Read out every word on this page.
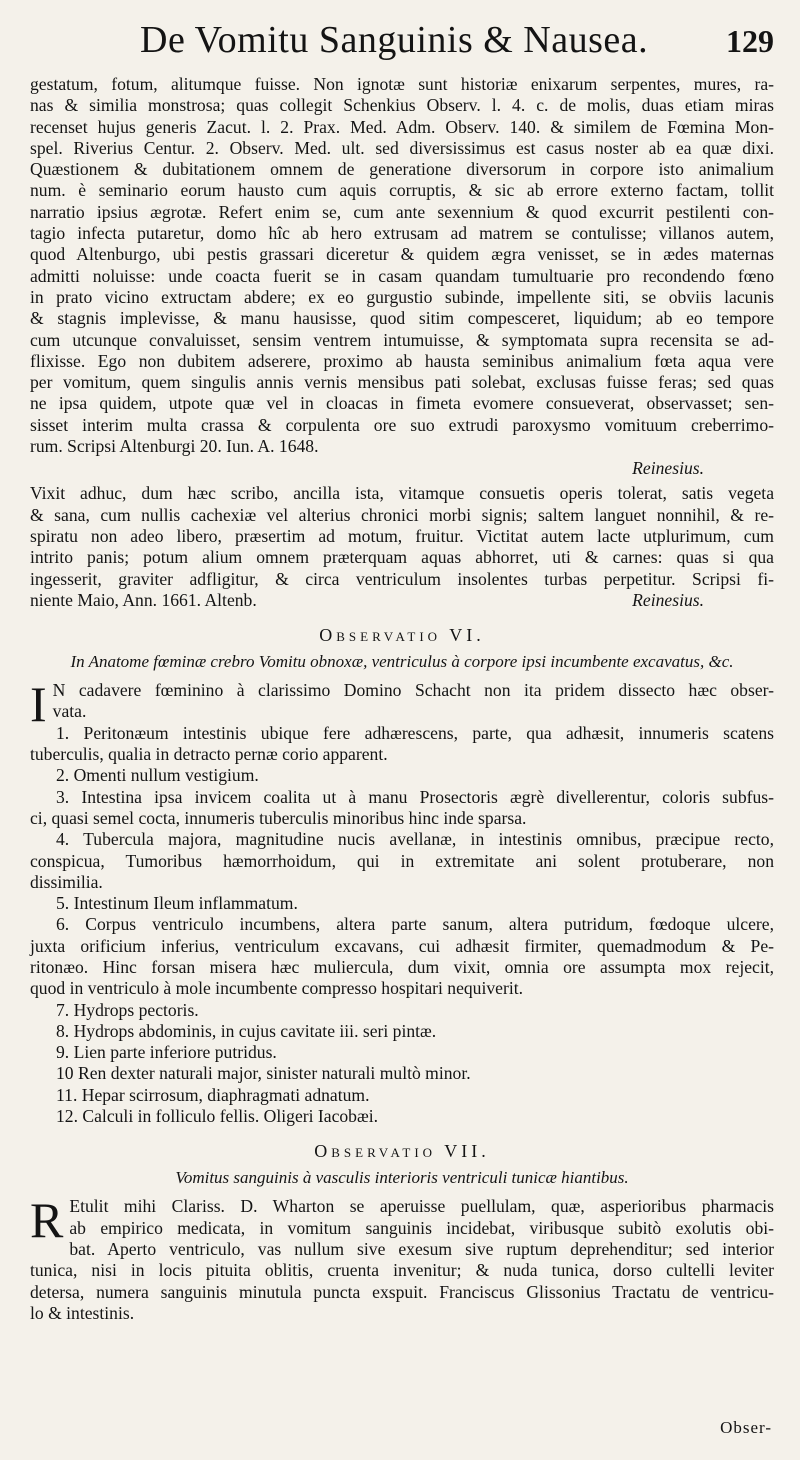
De Vomitu Sanguinis & Nausea. 129
gestatum, fotum, alitumque fuisse. Non ignotæ sunt historiæ enixarum serpentes, mures, ra-
nas & similia monstrosa; quas collegit Schenkius Observ. l. 4. c. de molis, duas etiam miras
recenset hujus generis Zacut. l. 2. Prax. Med. Adm. Observ. 140. & similem de Fœmina Mon-
spel. Riverius Centur. 2. Observ. Med. ult. sed diversissimus est casus noster ab ea quæ dixi.
Quæstionem & dubitationem omnem de generatione diversorum in corpore isto animalium
num. è seminario eorum hausto cum aquis corruptis, & sic ab errore externo factam, tollit
narratio ipsius ægrotæ. Refert enim se, cum ante sexennium & quod excurrit pestilenti con-
tagio infecta putaretur, domo hîc ab hero extrusam ad matrem se contulisse; villanos autem,
quod Altenburgo, ubi pestis grassari diceretur & quidem ægra venisset, se in ædes maternas
admitti noluisse: unde coacta fuerit se in casam quandam tumultuarie pro recondendo fœno
in prato vicino extructam abdere; ex eo gurgustio subinde, impellente siti, se obviis lacunis
& stagnis implevisse, & manu hausisse, quod sitim compesceret, liquidum; ab eo tempore
cum utcunque convaluisset, sensim ventrem intumuisse, & symptomata supra recensita se ad-
flixisse. Ego non dubitem adserere, proximo ab hausta seminibus animalium fœta aqua vere
per vomitum, quem singulis annis vernis mensibus pati solebat, exclusas fuisse feras; sed quas
ne ipsa quidem, utpote quæ vel in cloacas in fimeta evomere consueverat, observasset; sen-
sisset interim multa crassa & corpulenta ore suo extrudi paroxysmo vomituum creberrimo-
rum. Scripsi Altenburgi 20. Iun. A. 1648.
Reinesius.
Vixit adhuc, dum hæc scribo, ancilla ista, vitamque consuetis operis tolerat, satis vegeta
& sana, cum nullis cachexiæ vel alterius chronici morbi signis; saltem languet nonnihil, & re-
spiratu non adeo libero, præsertim ad motum, fruitur. Victitat autem lacte utplurimum, cum
intrito panis; potum alium omnem præterquam aquas abhorret, uti & carnes: quas si qua
ingesserit, graviter adfligitur, & circa ventriculum insolentes turbas perpetitur. Scripsi fi-
niente Maio, Ann. 1661. Altenb.	Reinesius.
Observatio VI.
In Anatome fœminæ crebro Vomitu obnoxæ, ventriculus à corpore ipsi incumbente excavatus, &c.
I N cadavere fœminino à clarissimo Domino Schacht non ita pridem dissecto hæc obser-
vata.
1. Peritonæum intestinis ubique fere adhærescens, parte, qua adhæsit, innumeris scatens
tuberculis, qualia in detracto pernæ corio apparent.
2. Omenti nullum vestigium.
3. Intestina ipsa invicem coalita ut à manu Prosectoris ægrè divellerentur, coloris subfus-
ci, quasi semel cocta, innumeris tuberculis minoribus hinc inde sparsa.
4. Tubercula majora, magnitudine nucis avellanæ, in intestinis omnibus, præcipue recto,
conspicua, Tumoribus hæmorrhoidum, qui in extremitate ani solent protuberare, non
dissimilia.
5. Intestinum Ileum inflammatum.
6. Corpus ventriculo incumbens, altera parte sanum, altera putridum, fœdoque ulcere,
juxta orificium inferius, ventriculum excavans, cui adhæsit firmiter, quemadmodum & Pe-
ritonæo. Hinc forsan misera hæc muliercula, dum vixit, omnia ore assumpta mox rejecit,
quod in ventriculo à mole incumbente compresso hospitari nequiverit.
7. Hydrops pectoris.
8. Hydrops abdominis, in cujus cavitate iii. seri pintæ.
9. Lien parte inferiore putridus.
10 Ren dexter naturali major, sinister naturali multò minor.
11. Hepar scirrosum, diaphragmati adnatum.
12. Calculi in folliculo fellis. Oligeri Iacobæi.
Observatio VII.
Vomitus sanguinis à vasculis interioris ventriculi tunicæ hiantibus.
R Etulit mihi Clariss. D. Wharton se aperuisse puellulam, quæ, asperioribus pharmacis
ab empirico medicata, in vomitum sanguinis incidebat, viribusque subitò exolutis obi-
bat. Aperto ventriculo, vas nullum sive exesum sive ruptum deprehenditur; sed interior
tunica, nisi in locis pituita oblitis, cruenta invenitur; & nuda tunica, dorso cultelli leviter
detersa, numera sanguinis minutula puncta exspuit. Franciscus Glissonius Tractatu de ventricu-
lo & intestinis.
Obser-
